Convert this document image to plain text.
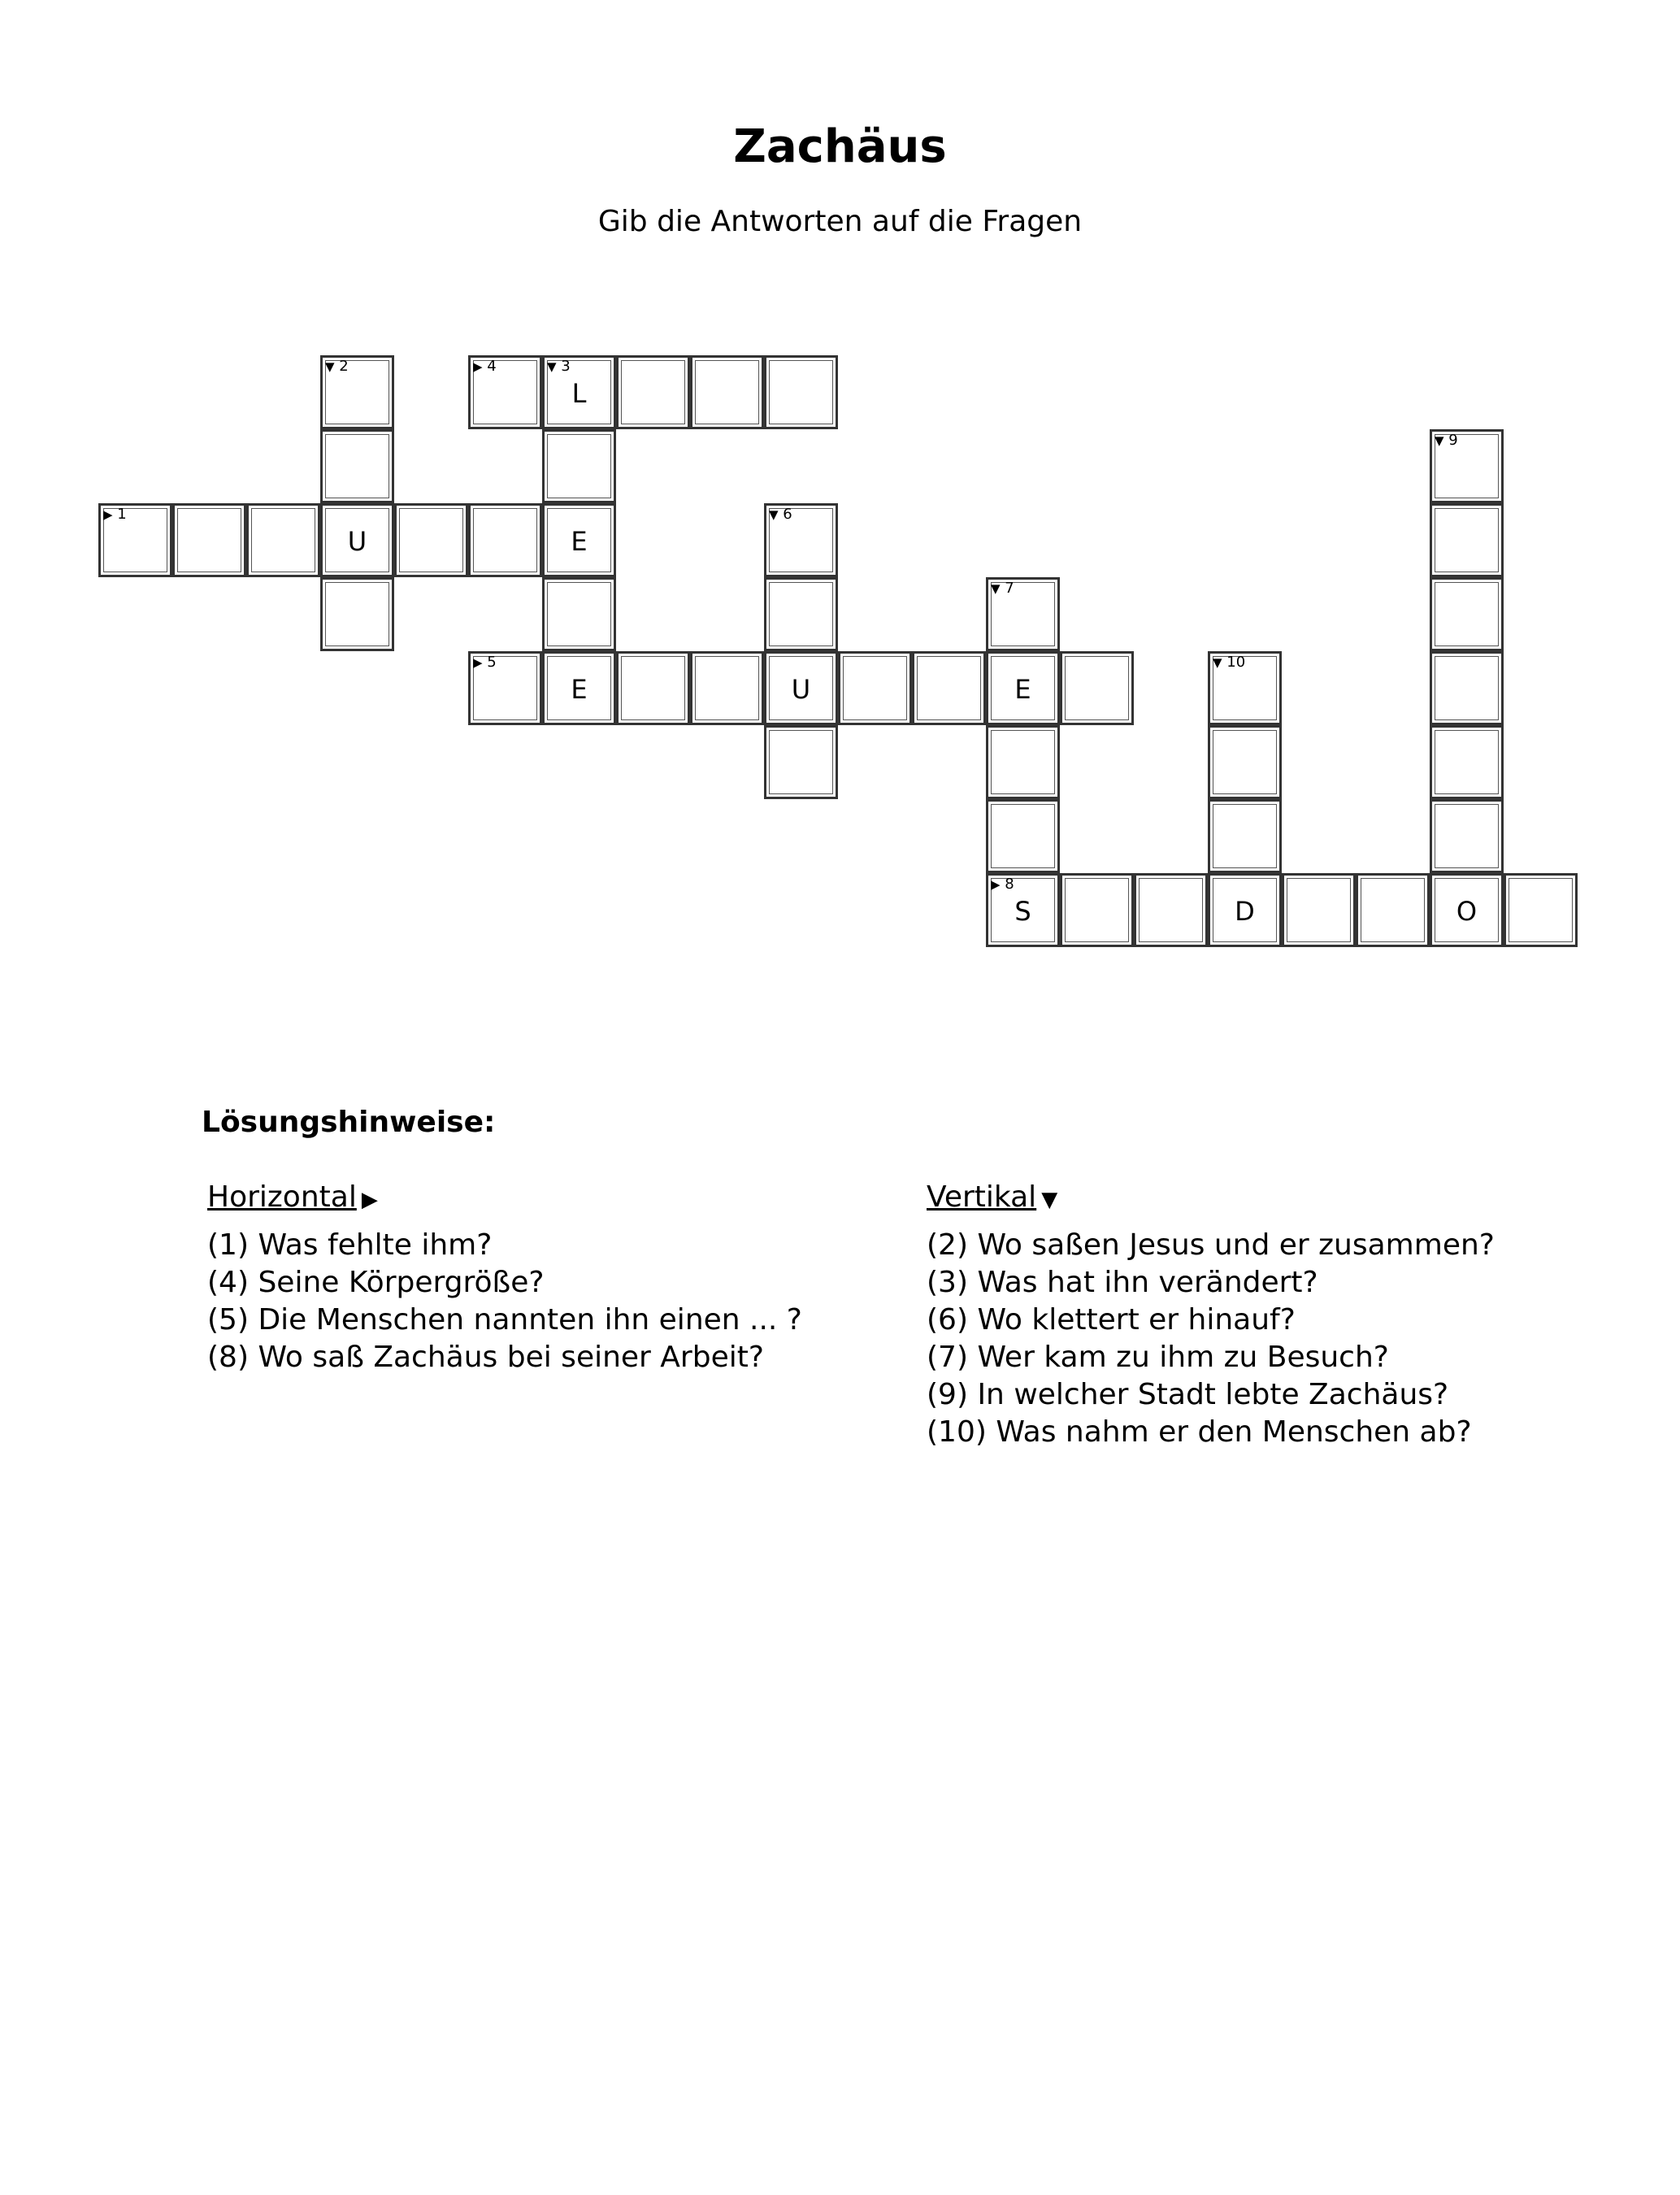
Zachäus
Gib die Antworten auf die Fragen
▼ 2	▶ 4	▼ 3
L
▼ 9
▶ 1
U	E
▼ 6
▼ 7
▶ 5
E	U	E
▼ 10
▶ 8
S	D	O
Lösungshinweise:
Horizontal ▶
(1) Was fehlte ihm?
(4) Seine Körpergröße?
(5) Die Menschen nannten ihn einen ... ?
(8) Wo saß Zachäus bei seiner Arbeit?
Vertikal ▼
(2) Wo saßen Jesus und er zusammen?
(3) Was hat ihn verändert?
(6) Wo klettert er hinauf?
(7) Wer kam zu ihm zu Besuch?
(9) In welcher Stadt lebte Zachäus?
(10) Was nahm er den Menschen ab?
